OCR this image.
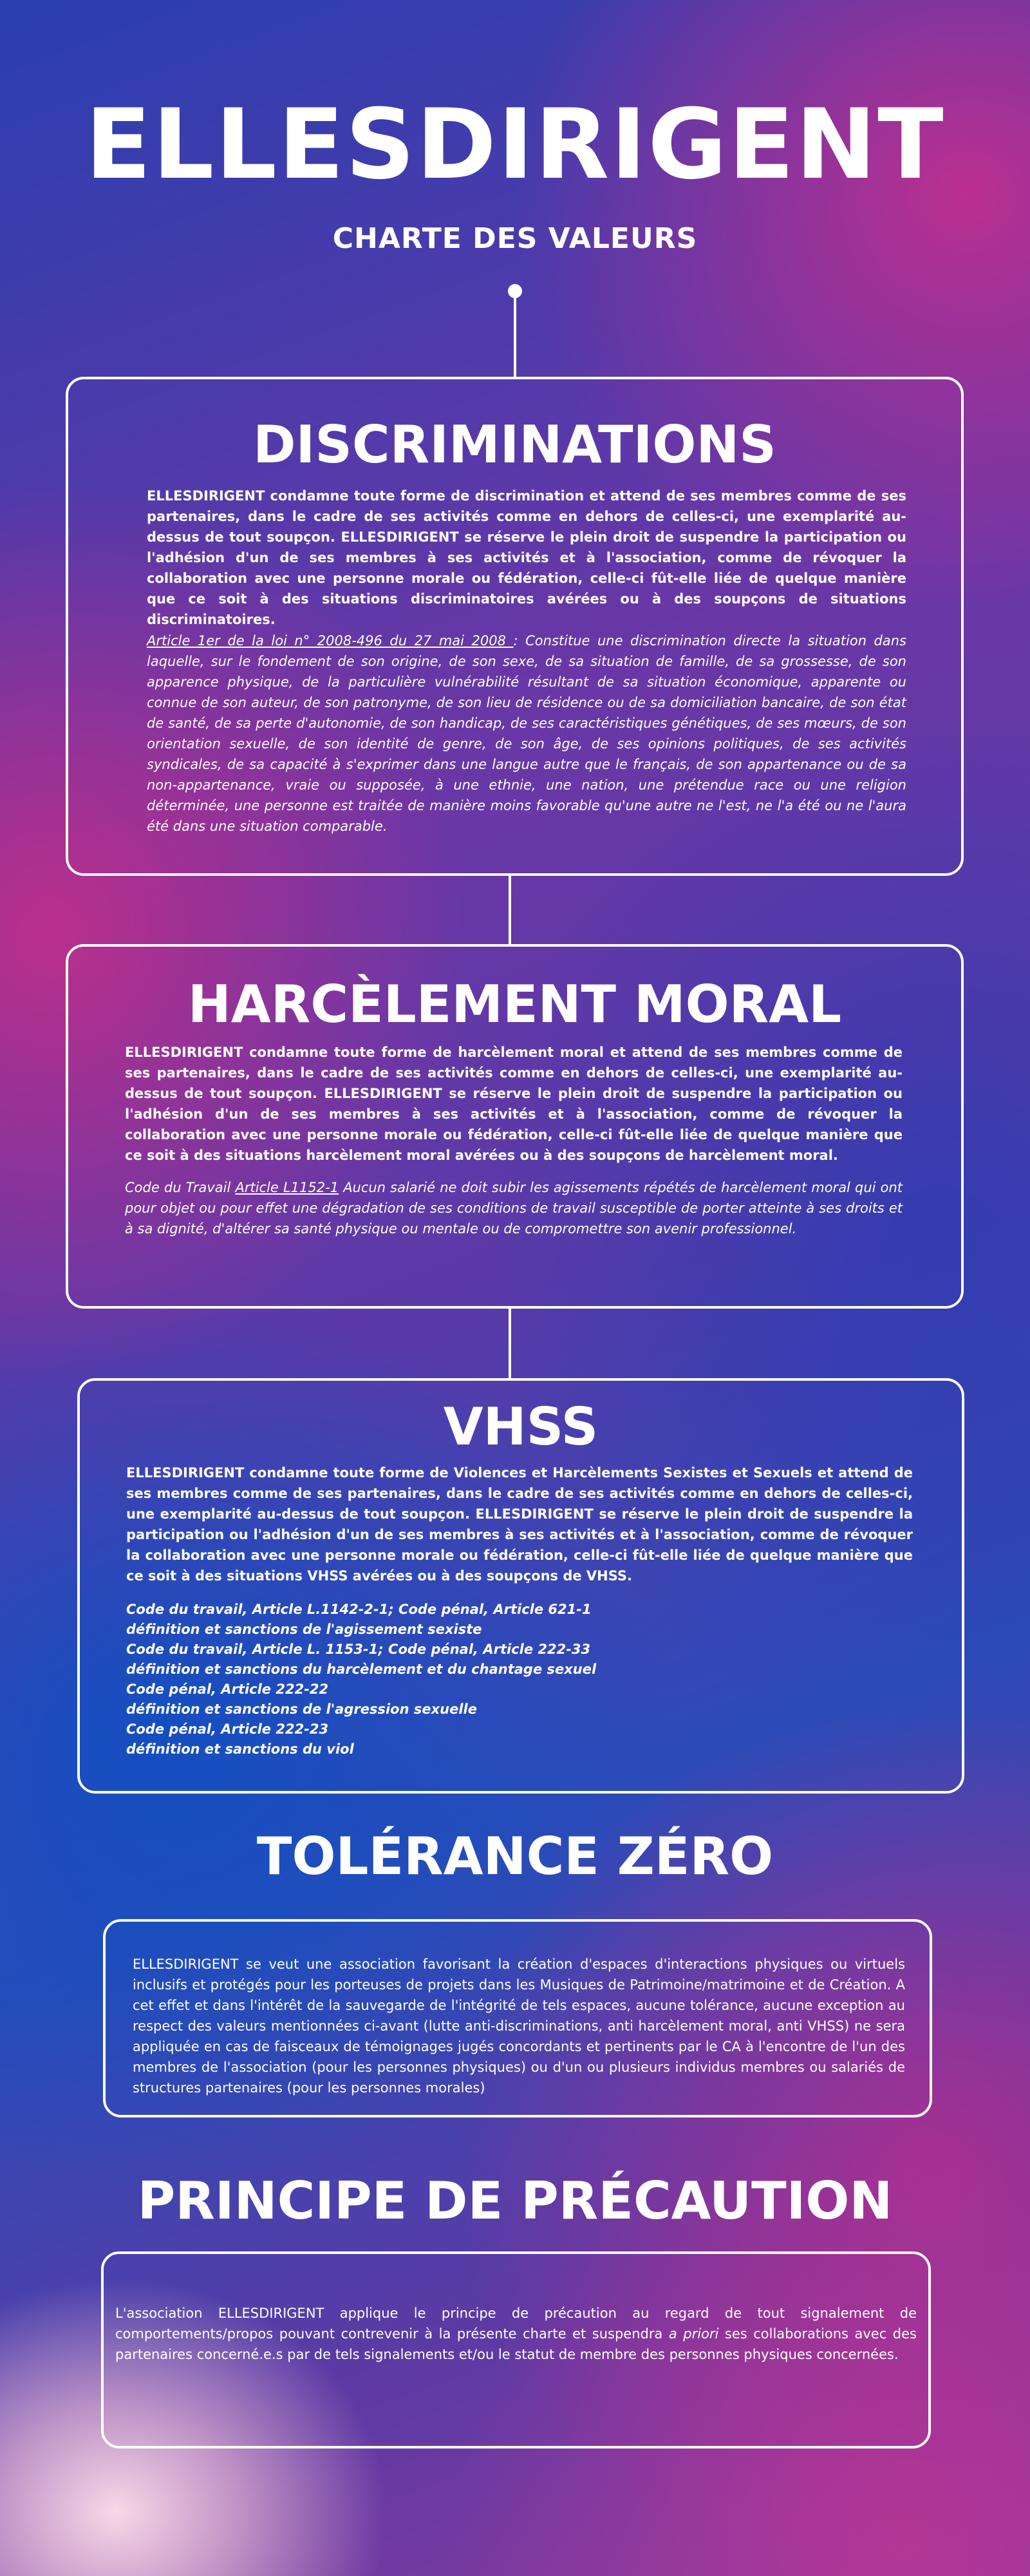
ELLESDIRIGENT
CHARTE DES VALEURS
DISCRIMINATIONS

ELLESDIRIGENT condamne toute forme de discrimination et attend de ses membres comme de ses partenaires, dans le cadre de ses activités comme en dehors de celles-ci, une exemplarité au-dessus de tout soupçon. ELLESDIRIGENT se réserve le plein droit de suspendre la participation ou l'adhésion d'un de ses membres à ses activités et à l'association, comme de révoquer la collaboration avec une personne morale ou fédération, celle-ci fût-elle liée de quelque manière que ce soit à des situations discriminatoires avérées ou à des soupçons de situations discriminatoires.

Article 1er de la loi n° 2008-496 du 27 mai 2008 : Constitue une discrimination directe la situation dans laquelle, sur le fondement de son origine, de son sexe, de sa situation de famille, de sa grossesse, de son apparence physique, de la particulière vulnérabilité résultant de sa situation économique, apparente ou connue de son auteur, de son patronyme, de son lieu de résidence ou de sa domiciliation bancaire, de son état de santé, de sa perte d'autonomie, de son handicap, de ses caractéristiques génétiques, de ses mœurs, de son orientation sexuelle, de son identité de genre, de son âge, de ses opinions politiques, de ses activités syndicales, de sa capacité à s'exprimer dans une langue autre que le français, de son appartenance ou de sa non-appartenance, vraie ou supposée, à une ethnie, une nation, une prétendue race ou une religion déterminée, une personne est traitée de manière moins favorable qu'une autre ne l'est, ne l'a été ou ne l'aura été dans une situation comparable.

HARCÈLEMENT MORAL

ELLESDIRIGENT condamne toute forme de harcèlement moral et attend de ses membres comme de ses partenaires, dans le cadre de ses activités comme en dehors de celles-ci, une exemplarité au-dessus de tout soupçon. ELLESDIRIGENT se réserve le plein droit de suspendre la participation ou l'adhésion d'un de ses membres à ses activités et à l'association, comme de révoquer la collaboration avec une personne morale ou fédération, celle-ci fût-elle liée de quelque manière que ce soit à des situations harcèlement moral avérées ou à des soupçons de harcèlement moral.

Code du Travail Article L1152-1 Aucun salarié ne doit subir les agissements répétés de harcèlement moral qui ont pour objet ou pour effet une dégradation de ses conditions de travail susceptible de porter atteinte à ses droits et à sa dignité, d'altérer sa santé physique ou mentale ou de compromettre son avenir professionnel.

VHSS

ELLESDIRIGENT condamne toute forme de Violences et Harcèlements Sexistes et Sexuels et attend de ses membres comme de ses partenaires, dans le cadre de ses activités comme en dehors de celles-ci, une exemplarité au-dessus de tout soupçon. ELLESDIRIGENT se réserve le plein droit de suspendre la participation ou l'adhésion d'un de ses membres à ses activités et à l'association, comme de révoquer la collaboration avec une personne morale ou fédération, celle-ci fût-elle liée de quelque manière que ce soit à des situations VHSS avérées ou à des soupçons de VHSS.

Code du travail, Article L.1142-2-1; Code pénal, Article 621-1
définition et sanctions de l'agissement sexiste
Code du travail, Article L. 1153-1; Code pénal, Article 222-33
définition et sanctions du harcèlement et du chantage sexuel
Code pénal, Article 222-22
définition et sanctions de l'agression sexuelle
Code pénal, Article 222-23
définition et sanctions du viol
TOLÉRANCE ZÉRO

ELLESDIRIGENT se veut une association favorisant la création d'espaces d'interactions physiques ou virtuels inclusifs et protégés pour les porteuses de projets dans les Musiques de Patrimoine/matrimoine et de Création. A cet effet et dans l'intérêt de la sauvegarde de l'intégrité de tels espaces, aucune tolérance, aucune exception au respect des valeurs mentionnées ci-avant (lutte anti-discriminations, anti harcèlement moral, anti VHSS) ne sera appliquée en cas de faisceaux de témoignages jugés concordants et pertinents par le CA à l'encontre de l'un des membres de l'association (pour les personnes physiques) ou d'un ou plusieurs individus membres ou salariés de structures partenaires (pour les personnes morales)

PRINCIPE DE PRÉCAUTION

L'association ELLESDIRIGENT applique le principe de précaution au regard de tout signalement de comportements/propos pouvant contrevenir à la présente charte et suspendra a priori ses collaborations avec des partenaires concerné.e.s par de tels signalements et/ou le statut de membre des personnes physiques concernées.
